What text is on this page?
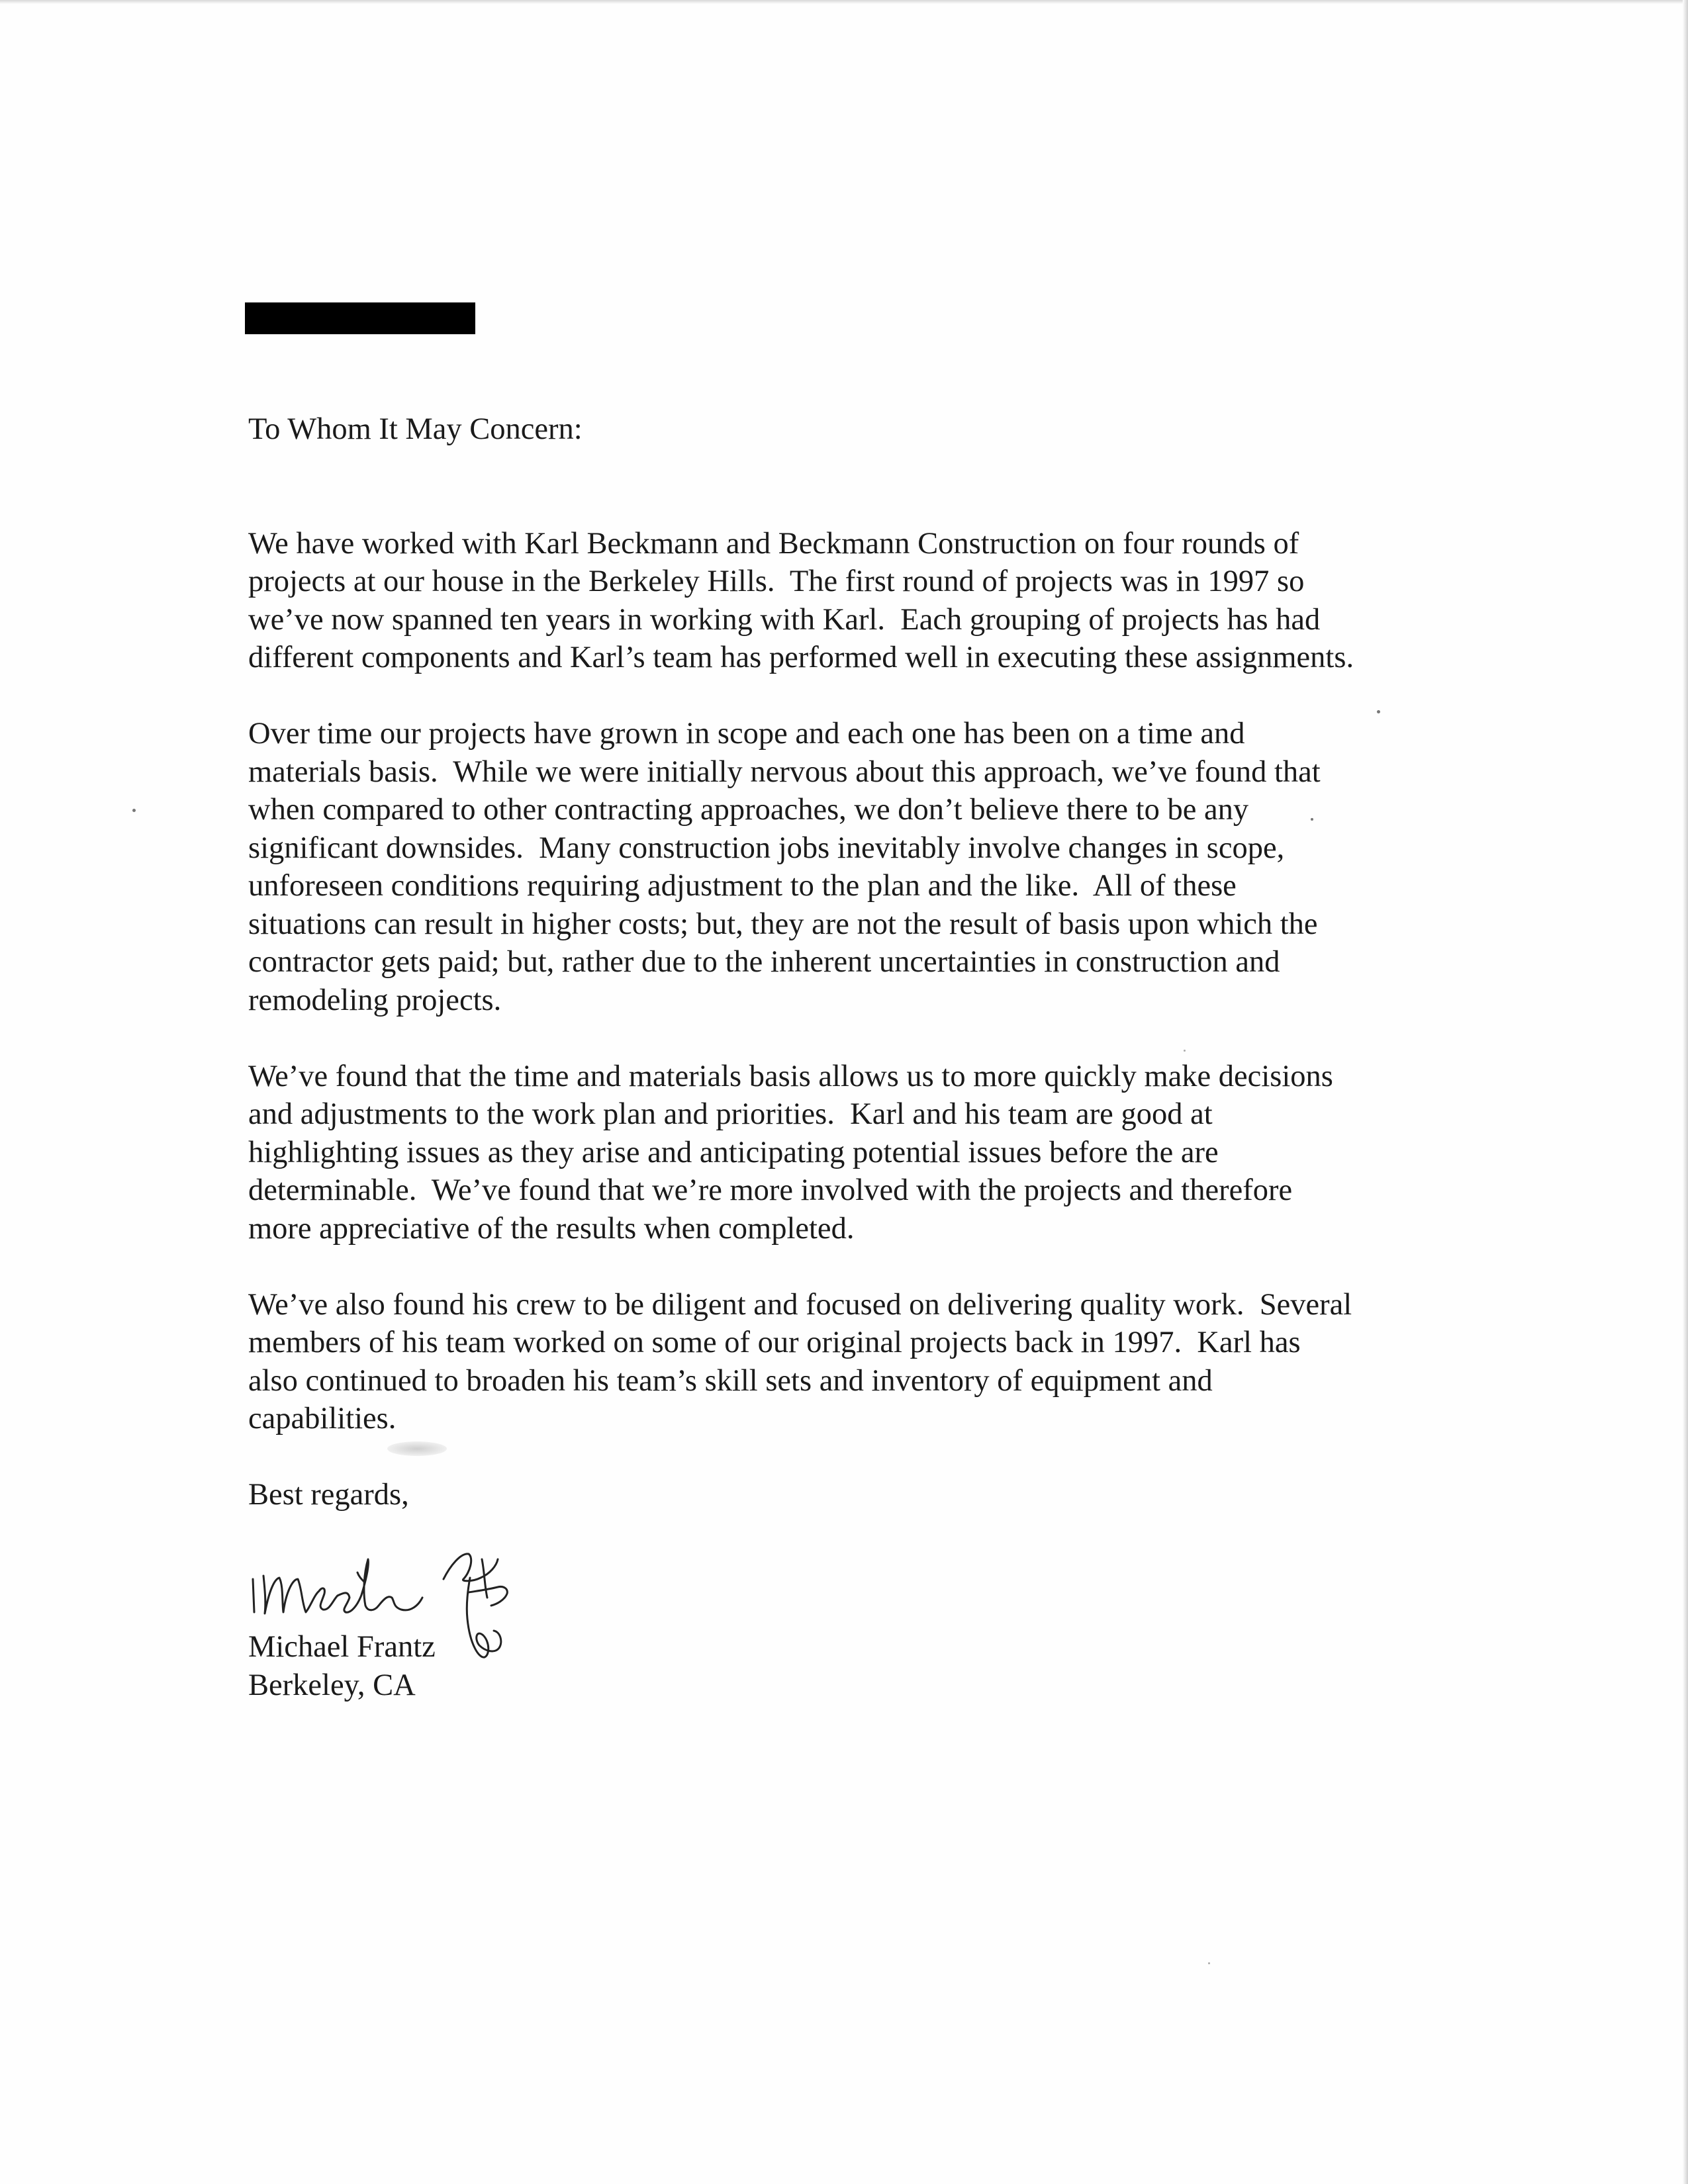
To Whom It May Concern:
We have worked with Karl Beckmann and Beckmann Construction on four rounds of
projects at our house in the Berkeley Hills.  The first round of projects was in 1997 so
we’ve now spanned ten years in working with Karl.  Each grouping of projects has had
different components and Karl’s team has performed well in executing these assignments.
Over time our projects have grown in scope and each one has been on a time and
materials basis.  While we were initially nervous about this approach, we’ve found that
when compared to other contracting approaches, we don’t believe there to be any
significant downsides.  Many construction jobs inevitably involve changes in scope,
unforeseen conditions requiring adjustment to the plan and the like.  All of these
situations can result in higher costs; but, they are not the result of basis upon which the
contractor gets paid; but, rather due to the inherent uncertainties in construction and
remodeling projects.
We’ve found that the time and materials basis allows us to more quickly make decisions
and adjustments to the work plan and priorities.  Karl and his team are good at
highlighting issues as they arise and anticipating potential issues before the are
determinable.  We’ve found that we’re more involved with the projects and therefore
more appreciative of the results when completed.
We’ve also found his crew to be diligent and focused on delivering quality work.  Several
members of his team worked on some of our original projects back in 1997.  Karl has
also continued to broaden his team’s skill sets and inventory of equipment and
capabilities.
Best regards,
Michael Frantz
Berkeley, CA
